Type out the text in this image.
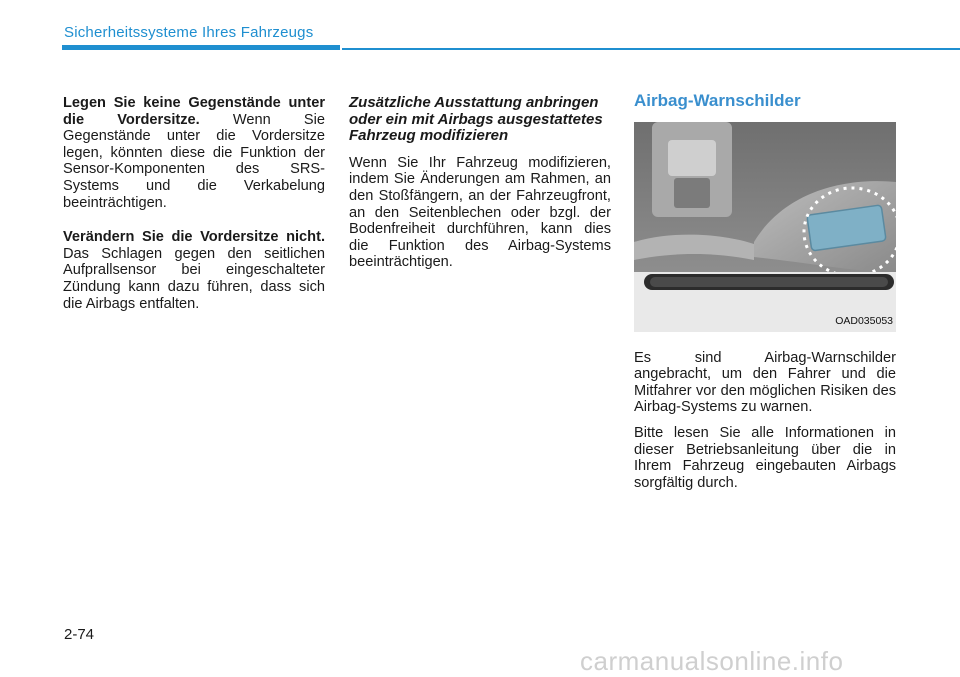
Sicherheitssysteme Ihres Fahrzeugs

Legen Sie keine Gegenstände unter die Vordersitze. Wenn Sie Gegenstände unter die Vordersitze legen, könnten diese die Funktion der Sensor-Komponenten des SRS-Systems und die Verkabelung beeinträchtigen.

Verändern Sie die Vordersitze nicht. Das Schlagen gegen den seitlichen Aufprallsensor bei eingeschalteter Zündung kann dazu führen, dass sich die Airbags entfalten.

Zusätzliche Ausstattung anbringen oder ein mit Airbags ausgestattetes Fahrzeug modifizieren

Wenn Sie Ihr Fahrzeug modifizieren, indem Sie Änderungen am Rahmen, an den Stoßfängern, an der Fahrzeugfront, an den Seitenblechen oder bzgl. der Bodenfreiheit durchführen, kann dies die Funktion des Airbag-Systems beeinträchtigen.

Airbag-Warnschilder
OAD035053

Es sind Airbag-Warnschilder angebracht, um den Fahrer und die Mitfahrer vor den möglichen Risiken des Airbag-Systems zu warnen.

Bitte lesen Sie alle Informationen in dieser Betriebsanleitung über die in Ihrem Fahrzeug eingebauten Airbags sorgfältig durch.

2-74
carmanualsonline.info
